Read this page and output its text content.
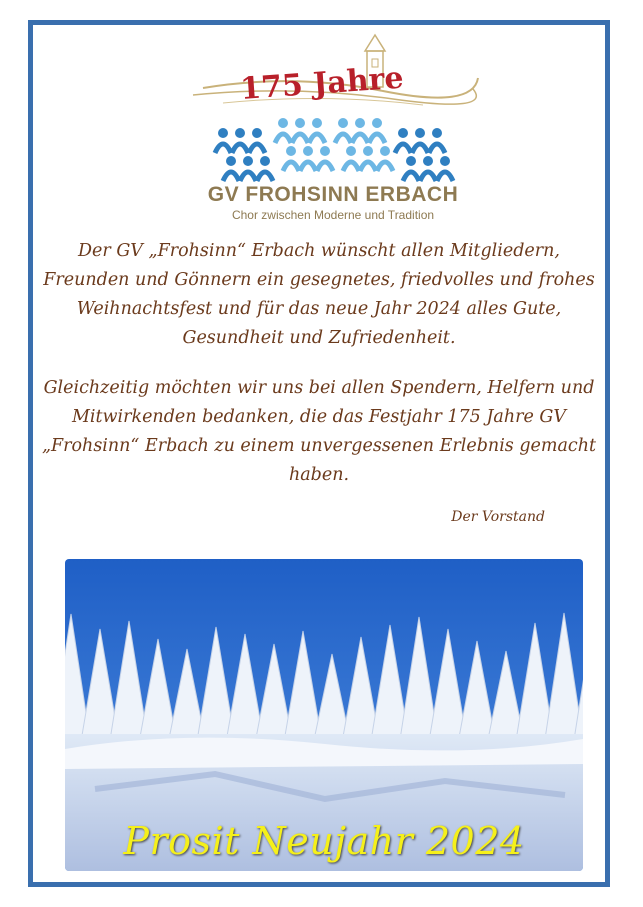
175 Jahre
GV FROHSINN ERBACH
Chor zwischen Moderne und Tradition
Der GV „Frohsinn“ Erbach wünscht allen Mitgliedern, Freunden und Gönnern ein gesegnetes, friedvolles und frohes Weihnachtsfest und für das neue Jahr 2024 alles Gute, Gesundheit und Zufriedenheit.
Gleichzeitig möchten wir uns bei allen Spendern, Helfern und Mitwirkenden bedanken, die das Festjahr 175 Jahre GV „Frohsinn“ Erbach zu einem unvergessenen Erlebnis gemacht haben.
Der Vorstand
Prosit Neujahr 2024
